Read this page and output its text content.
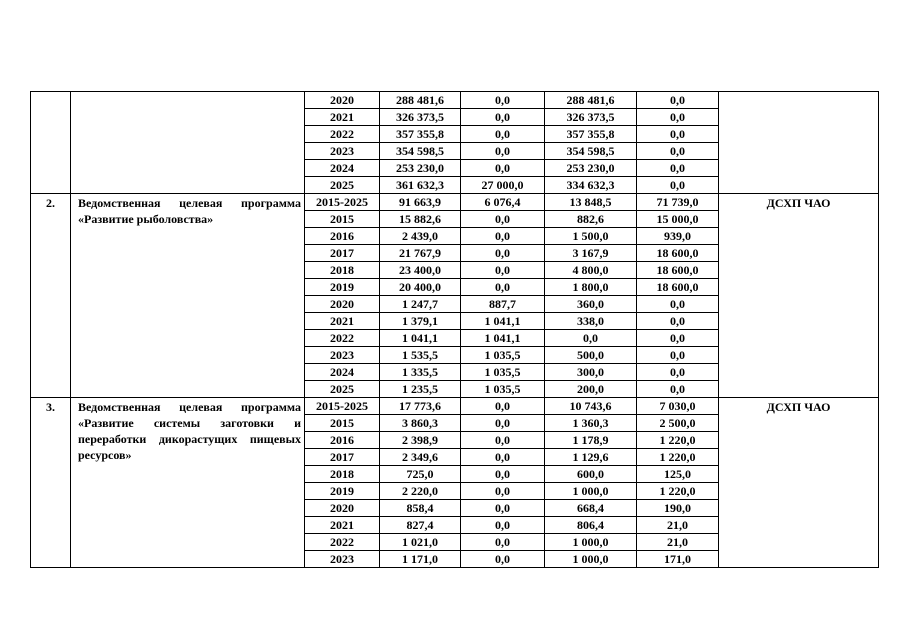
		2020	288 481,6	0,0	288 481,6	0,0	
		2021	326 373,5	0,0	326 373,5	0,0	
		2022	357 355,8	0,0	357 355,8	0,0	
		2023	354 598,5	0,0	354 598,5	0,0	
		2024	253 230,0	0,0	253 230,0	0,0	
		2025	361 632,3	27 000,0	334 632,3	0,0	
2.	Ведомственная целевая программа «Развитие рыболовства»	2015-2025	91 663,9	6 076,4	13 848,5	71 739,0	ДСХП ЧАО
		2015	15 882,6	0,0	882,6	15 000,0	
		2016	2 439,0	0,0	1 500,0	939,0	
		2017	21 767,9	0,0	3 167,9	18 600,0	
		2018	23 400,0	0,0	4 800,0	18 600,0	
		2019	20 400,0	0,0	1 800,0	18 600,0	
		2020	1 247,7	887,7	360,0	0,0	
		2021	1 379,1	1 041,1	338,0	0,0	
		2022	1 041,1	1 041,1	0,0	0,0	
		2023	1 535,5	1 035,5	500,0	0,0	
		2024	1 335,5	1 035,5	300,0	0,0	
		2025	1 235,5	1 035,5	200,0	0,0	
3.	Ведомственная целевая программа «Развитие системы заготовки и переработки дикорастущих пищевых ресурсов»	2015-2025	17 773,6	0,0	10 743,6	7 030,0	ДСХП ЧАО
		2015	3 860,3	0,0	1 360,3	2 500,0	
		2016	2 398,9	0,0	1 178,9	1 220,0	
		2017	2 349,6	0,0	1 129,6	1 220,0	
		2018	725,0	0,0	600,0	125,0	
		2019	2 220,0	0,0	1 000,0	1 220,0	
		2020	858,4	0,0	668,4	190,0	
		2021	827,4	0,0	806,4	21,0	
		2022	1 021,0	0,0	1 000,0	21,0	
		2023	1 171,0	0,0	1 000,0	171,0	
